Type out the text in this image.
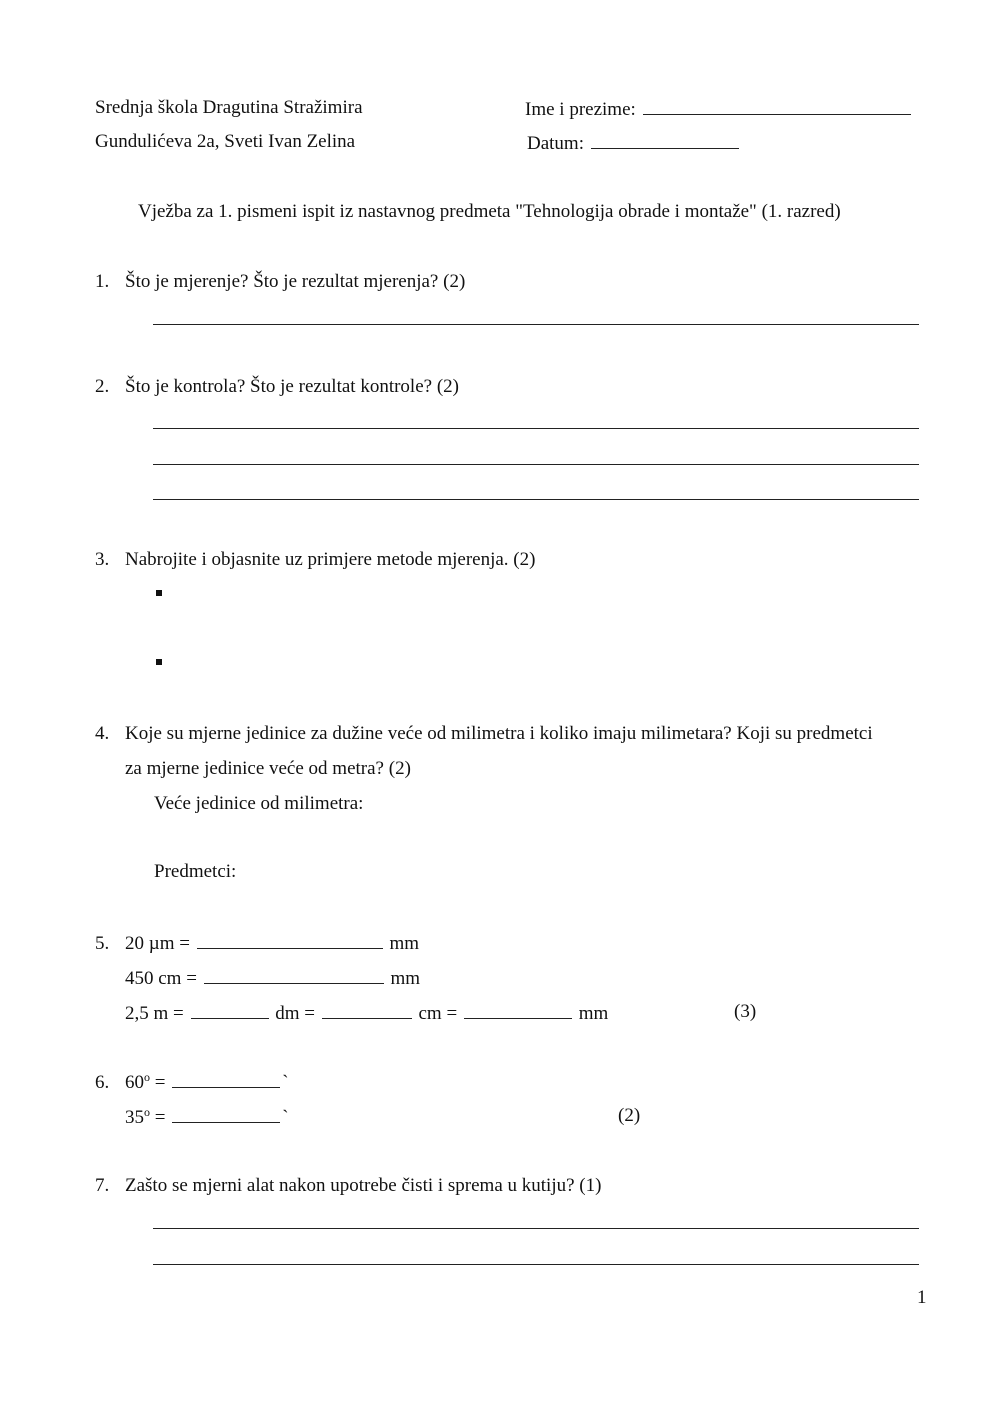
Srednja škola Dragutina Stražimira	Ime i prezime:
Gundulićeva 2a, Sveti Ivan Zelina	Datum:
Vježba za 1. pismeni ispit iz nastavnog predmeta "Tehnologija obrade i montaže" (1. razred)
1. Što je mjerenje? Što je rezultat mjerenja? (2)
2. Što je kontrola? Što je rezultat kontrole? (2)
3. Nabrojite i objasnite uz primjere metode mjerenja. (2)
4. Koje su mjerne jedinice za dužine veće od milimetra i koliko imaju milimetara? Koji su predmetci
za mjerne jedinice veće od metra? (2)
Veće jedinice od milimetra:
Predmetci:
5. 20 µm =	mm
450 cm =	mm
2,5 m =	dm =	cm =	mm	(3)
6. $60^o$ =	`
$35^o$ =	`	(2)
7. Zašto se mjerni alat nakon upotrebe čisti i sprema u kutiju? (1)
1
